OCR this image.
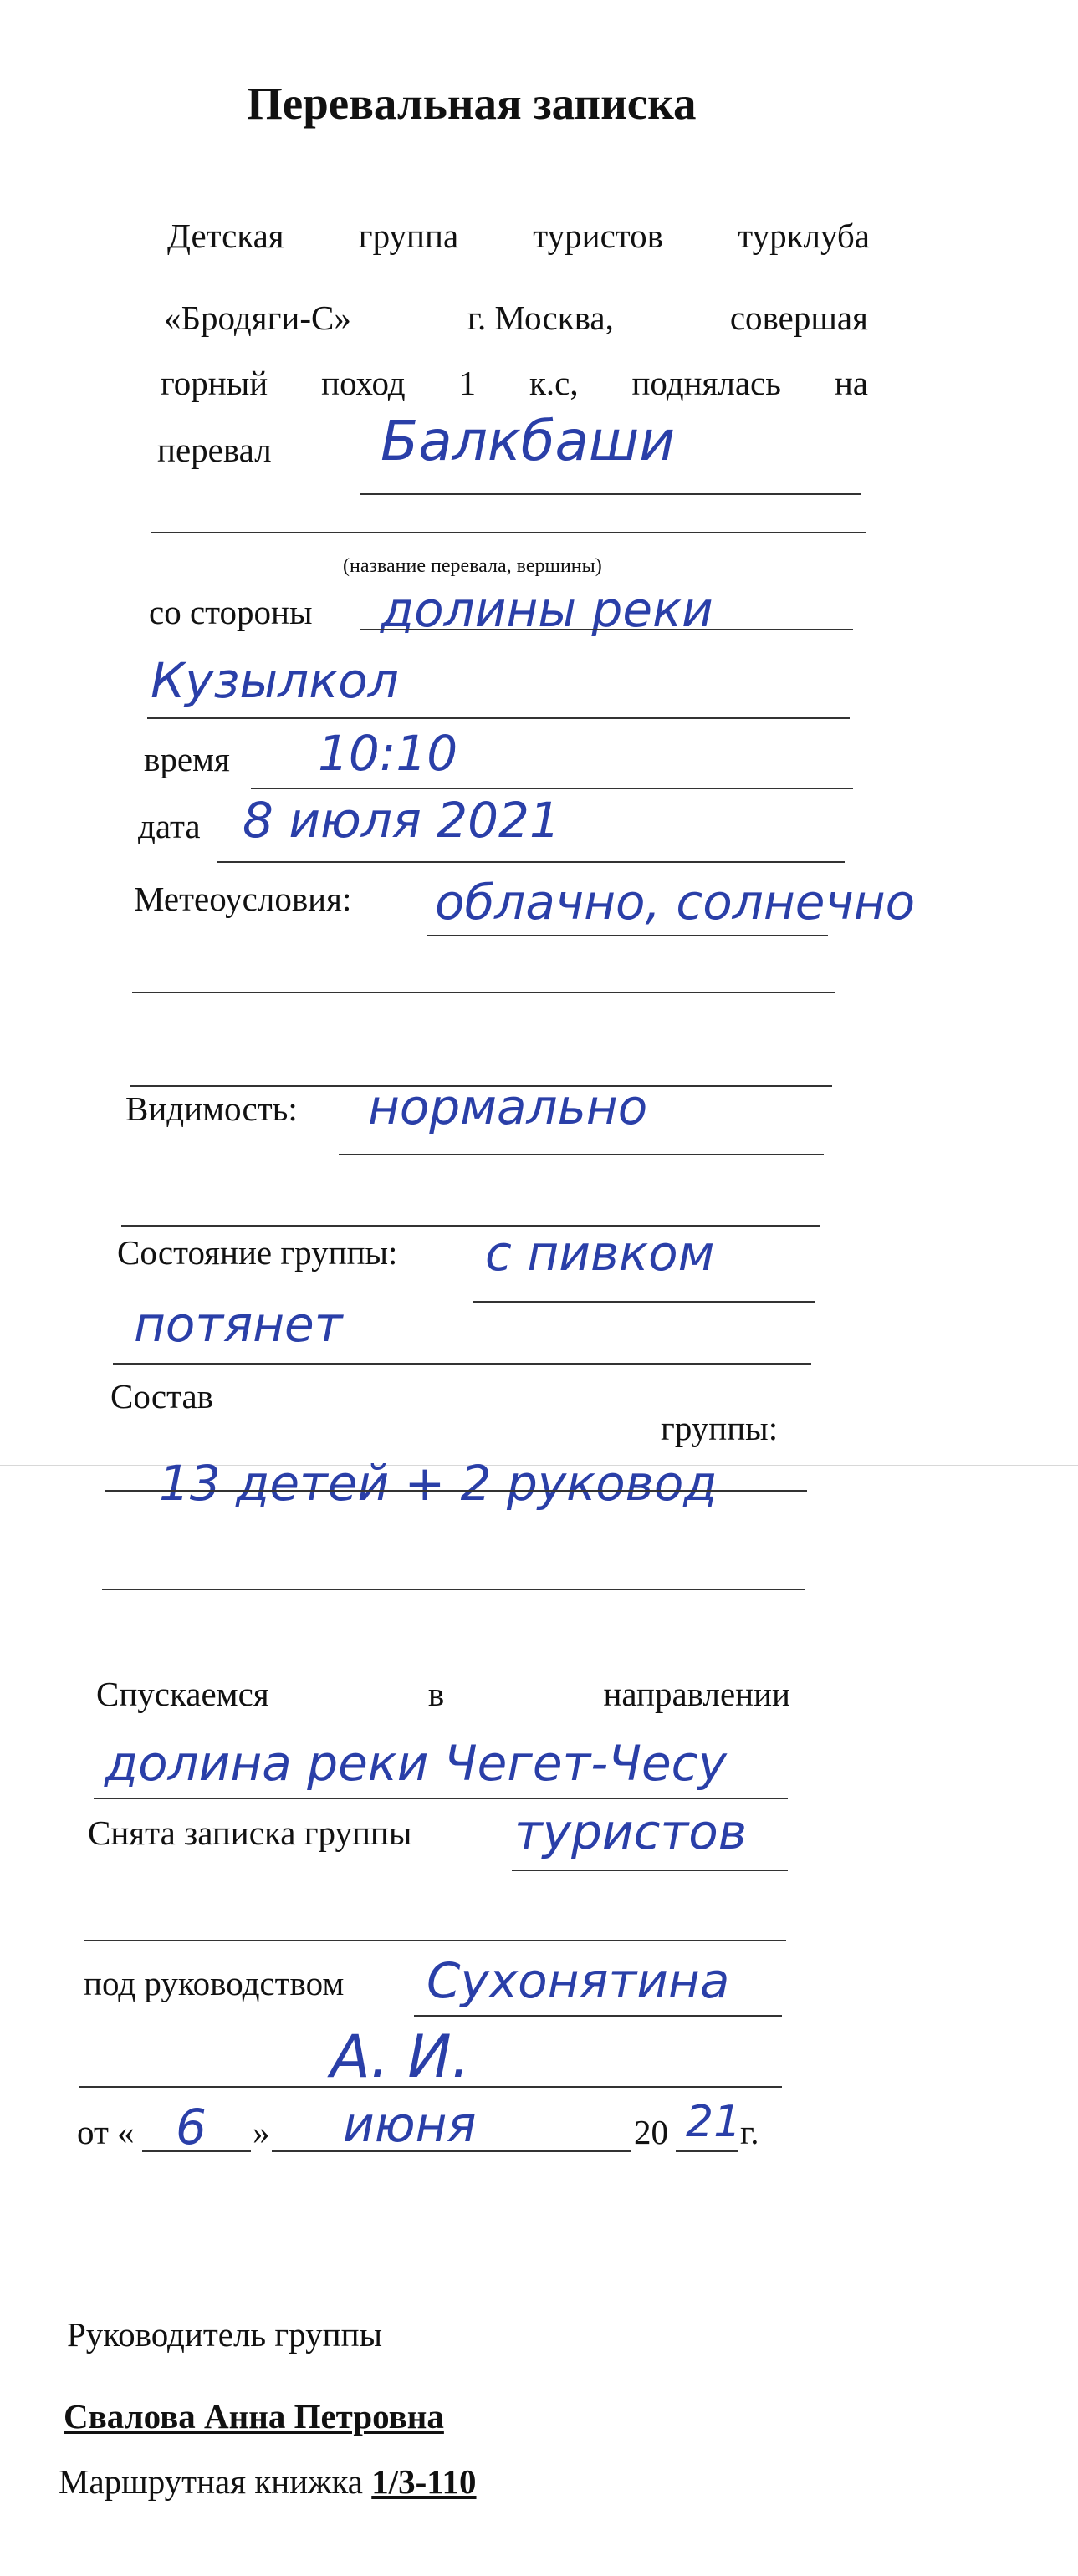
Перевальная записка
Детская группа туристов турклуба
«Бродяги-С»	г. Москва,	совершая
горный поход 1 к.с, поднялась на
перевал Балкбаши
(название перевала, вершины)
со стороны долины реки
Кузылкол
время 10:10
дата 8 июля 2021
Метеоусловия: облачно, солнечно
Видимость: нормально
Состояние группы: с пивком
потянет
Состав
группы:
13 детей + 2 руковод
Спускаемся	в	направлении
долина реки Чегет-Чесу
Снята записка группы туристов
под руководством Сухонятина
А. И.
от « 6 » июня	20 21
г.
Руководитель группы
Свалова Анна Петровна
Маршрутная книжка 1/3-110
